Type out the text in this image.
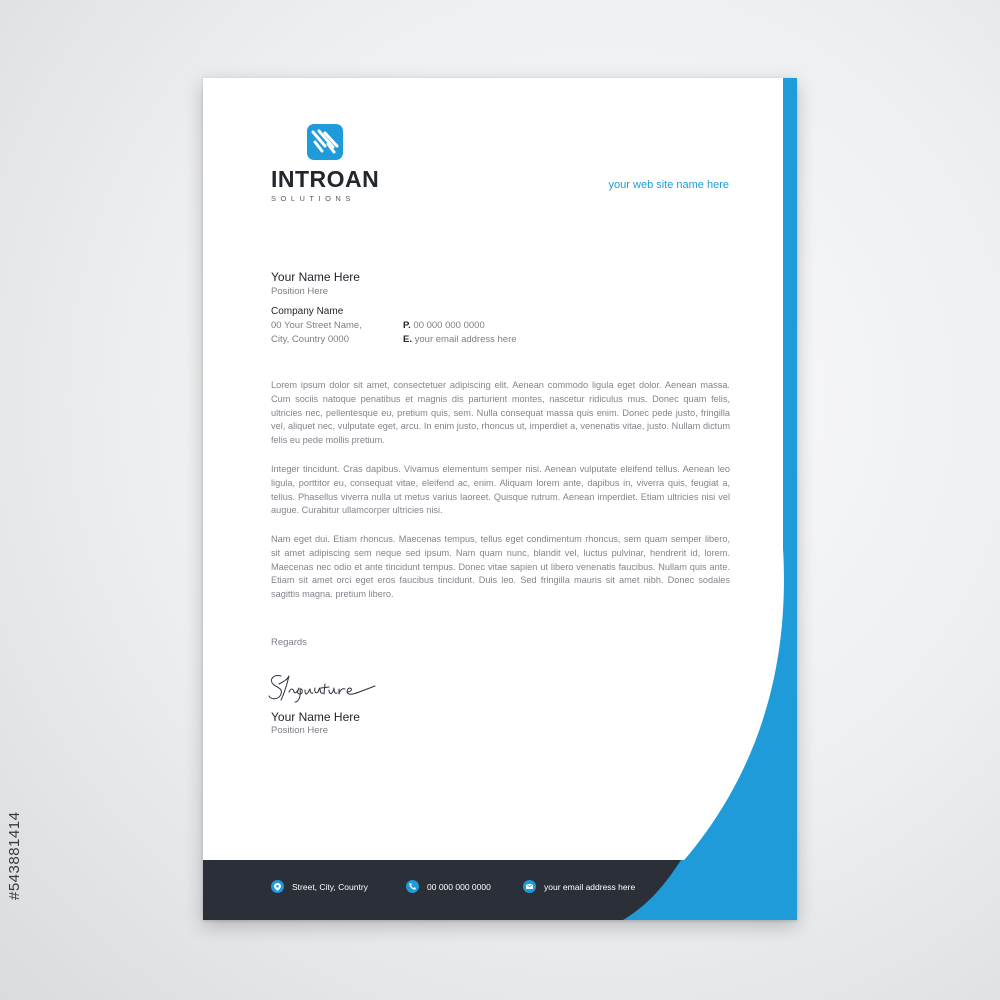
#543881414
INTROAN
SOLUTIONS
your web site name here
Your Name Here
Position Here
Company Name
00 Your Street Name,
City, Country 0000
P. 00 000 000 0000
E. your email address here

Lorem ipsum dolor sit amet, consectetuer adipiscing elit. Aenean commodo ligula eget dolor. Aenean massa. Cum sociis natoque penatibus et magnis dis parturient montes, nascetur ridiculus mus. Donec quam felis, ultricies nec, pellentesque eu, pretium quis, sem. Nulla consequat massa quis enim. Donec pede justo, fringilla vel, aliquet nec, vulputate eget, arcu. In enim justo, rhoncus ut, imperdiet a, venenatis vitae, justo. Nullam dictum felis eu pede mollis pretium.

Integer tincidunt. Cras dapibus. Vivamus elementum semper nisi. Aenean vulputate eleifend tellus. Aenean leo ligula, porttitor eu, consequat vitae, eleifend ac, enim. Aliquam lorem ante, dapibus in, viverra quis, feugiat a, tellus. Phasellus viverra nulla ut metus varius laoreet. Quisque rutrum. Aenean imperdiet. Etiam ultricies nisi vel augue. Curabitur ullamcorper ultricies nisi.

Nam eget dui. Etiam rhoncus. Maecenas tempus, tellus eget condimentum rhoncus, sem quam semper libero, sit amet adipiscing sem neque sed ipsum. Nam quam nunc, blandit vel, luctus pulvinar, hendrerit id, lorem. Maecenas nec odio et ante tincidunt tempus. Donec vitae sapien ut libero venenatis faucibus. Nullam quis ante. Etiam sit amet orci eget eros faucibus tincidunt. Duis leo. Sed fringilla mauris sit amet nibh. Donec sodales sagittis magna. pretium libero.

Regards
Your Name Here
Position Here
Street, City, Country	00 000 000 0000	your email address here
